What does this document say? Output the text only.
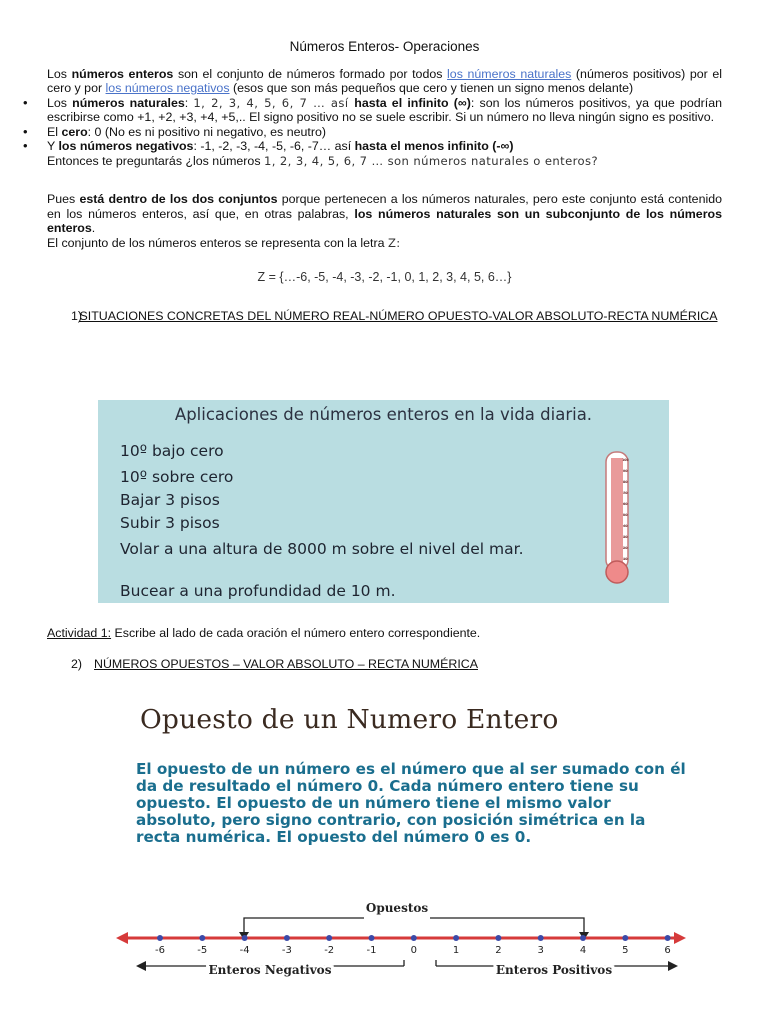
Números Enteros- Operaciones

Los números enteros son el conjunto de números formado por todos los números naturales (números positivos) por el cero y por los números negativos (esos que son más pequeños que cero y tienen un signo menos delante)

• Los números naturales: 1, 2, 3, 4, 5, 6, 7 … así hasta el infinito (∞): son los números positivos, ya que podrían escribirse como +1, +2, +3, +4, +5,.. El signo positivo no se suele escribir. Si un número no lleva ningún signo es positivo.
• El cero: 0 (No es ni positivo ni negativo, es neutro)
• Y los números negativos: -1, -2, -3, -4, -5, -6, -7… así hasta el menos infinito (-∞)

Entonces te preguntarás ¿los números 1, 2, 3, 4, 5, 6, 7 … son números naturales o enteros?

Pues está dentro de los dos conjuntos porque pertenecen a los números naturales, pero este conjunto está contenido en los números enteros, así que, en otras palabras, los números naturales son un subconjunto de los números enteros.

El conjunto de los números enteros se representa con la letra Z:

Z = {…-6, -5, -4, -3, -2, -1, 0, 1, 2, 3, 4, 5, 6…}
1)
SITUACIONES CONCRETAS DEL NÚMERO REAL-NÚMERO OPUESTO-VALOR ABSOLUTO-RECTA NUMÉRICA
Aplicaciones de números enteros en la vida diaria.
10º bajo cero
10º sobre cero
Bajar 3 pisos
Subir 3 pisos
Volar a una altura de 8000 m sobre el nivel del mar.
Bucear a una profundidad de 10 m.
100
90
80
70
60
50
40
30
20
10

Actividad 1: Escribe al lado de cada oración el número entero correspondiente.

2) NÚMEROS OPUESTOS – VALOR ABSOLUTO – RECTA NUMÉRICA
Opuesto de un Numero Entero
El opuesto de un número es el número que al ser sumado con él da de resultado el número 0. Cada número entero tiene su opuesto. El opuesto de un número tiene el mismo valor absoluto, pero signo contrario, con posición simétrica en la recta numérica. El opuesto del número 0 es 0.
Opuestos
-6	-5	-4	-3	-2	-1	0	1	2	3	4	5	6
Enteros Negativos	Enteros Positivos
